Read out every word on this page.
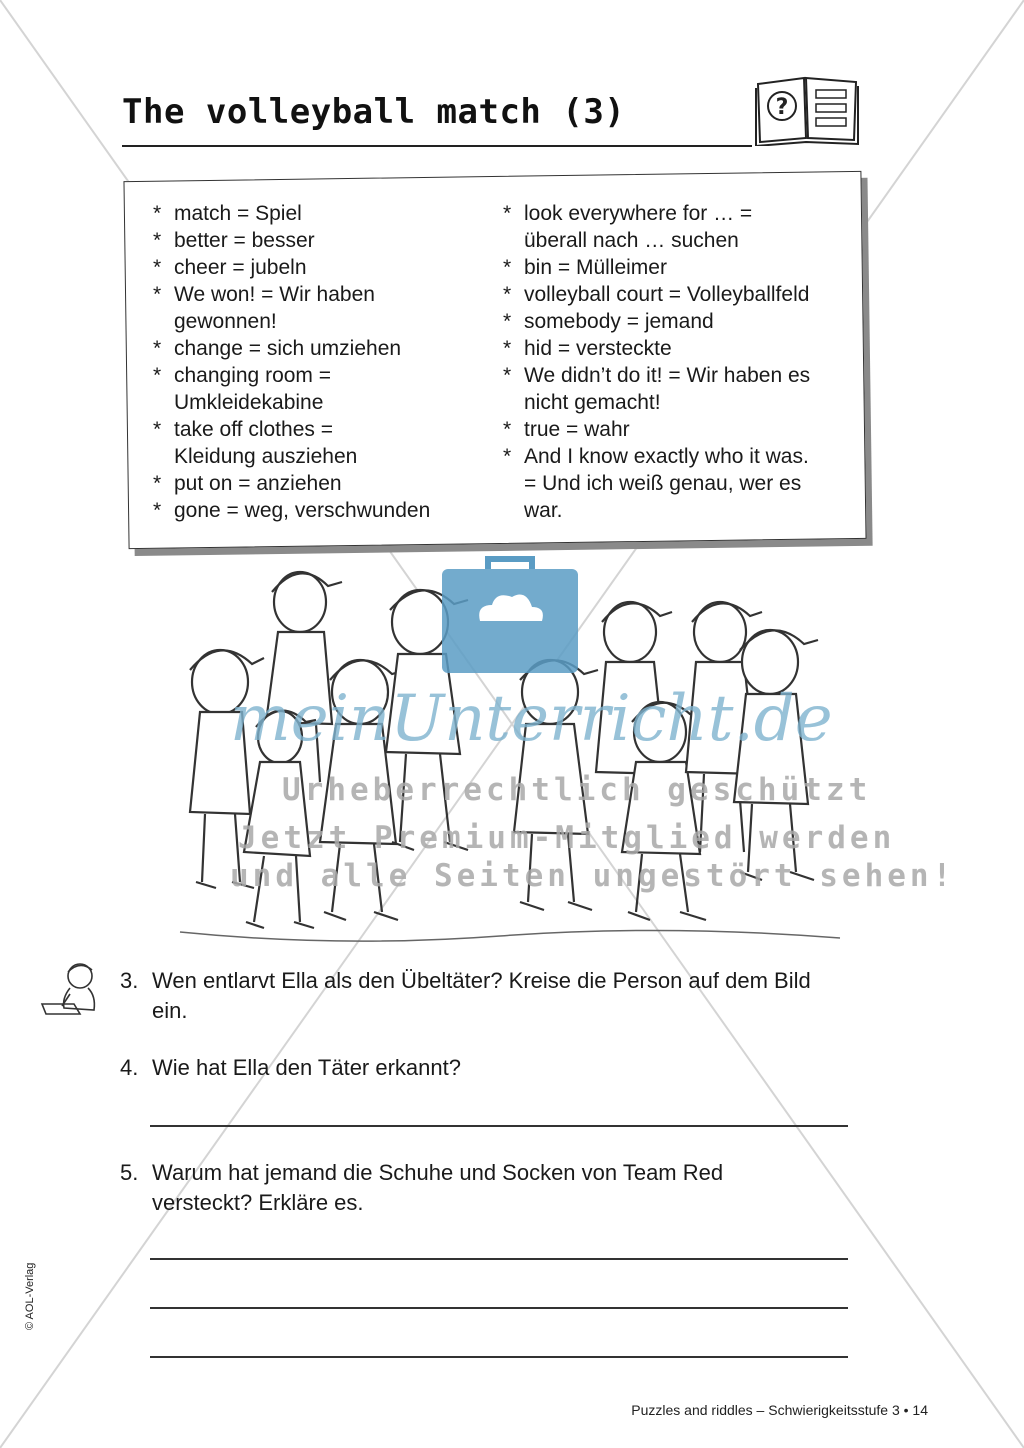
The volleyball match (3)	?
* match = Spiel
* better = besser
* cheer = jubeln
* We won! = Wir haben gewonnen!
* change = sich umziehen
* changing room = Umkleidekabine
* take off clothes = Kleidung ausziehen
* put on = anziehen
* gone = weg, verschwunden
* look everywhere for … = überall nach … suchen
* bin = Mülleimer
* volleyball court = Volleyballfeld
* somebody = jemand
* hid = versteckte
* We didn’t do it! = Wir haben es nicht gemacht!
* true = wahr
* And I know exactly who it was. = Und ich weiß genau, wer es war.
meinUnterricht.de
Urheberrechtlich geschützt
Jetzt Premium-Mitglied werden
und alle Seiten ungestört sehen!
3. Wen entlarvt Ella als den Übeltäter? Kreise die Person auf dem Bild ein.
4. Wie hat Ella den Täter erkannt?
5. Warum hat jemand die Schuhe und Socken von Team Red versteckt? Erkläre es.
© AOL-Verlag
Puzzles and riddles – Schwierigkeitsstufe 3 • 14
